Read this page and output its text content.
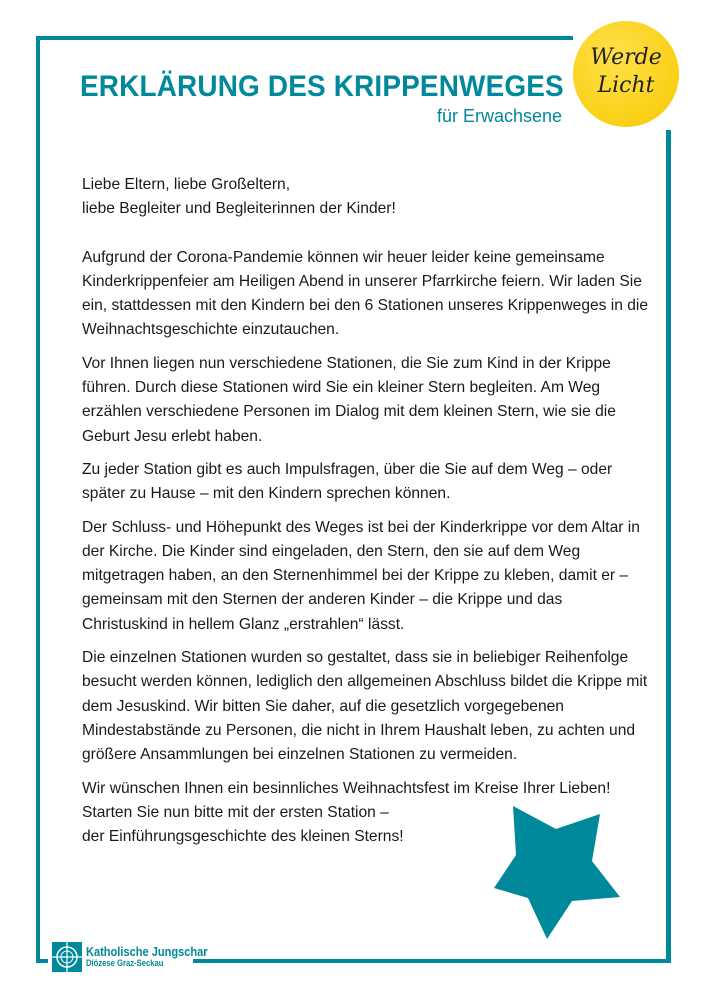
ERKLÄRUNG DES KRIPPENWEGES
für Erwachsene
Werde
Licht

Liebe Eltern, liebe Großeltern,
liebe Begleiter und Begleiterinnen der Kinder!

Aufgrund der Corona-Pandemie können wir heuer leider keine gemeinsame Kinderkrippenfeier am Heiligen Abend in unserer Pfarrkirche feiern. Wir laden Sie ein, stattdessen mit den Kindern bei den 6 Stationen unseres Krippenweges in die Weihnachtsgeschichte einzutauchen.

Vor Ihnen liegen nun verschiedene Stationen, die Sie zum Kind in der Krippe führen. Durch diese Stationen wird Sie ein kleiner Stern begleiten. Am Weg erzählen verschiedene Personen im Dialog mit dem kleinen Stern, wie sie die Geburt Jesu erlebt haben.

Zu jeder Station gibt es auch Impulsfragen, über die Sie auf dem Weg – oder später zu Hause – mit den Kindern sprechen können.

Der Schluss- und Höhepunkt des Weges ist bei der Kinderkrippe vor dem Altar in der Kirche. Die Kinder sind eingeladen, den Stern, den sie auf dem Weg mitgetragen haben, an den Sternenhimmel bei der Krippe zu kleben, damit er – gemeinsam mit den Sternen der anderen Kinder – die Krippe und das Christuskind in hellem Glanz „erstrahlen“ lässt.

Die einzelnen Stationen wurden so gestaltet, dass sie in beliebiger Reihenfolge besucht werden können, lediglich den allgemeinen Abschluss bildet die Krippe mit dem Jesuskind. Wir bitten Sie daher, auf die gesetzlich vorgegebenen Mindestabstände zu Personen, die nicht in Ihrem Haushalt leben, zu achten und größere Ansammlungen bei einzelnen Stationen zu vermeiden.

Wir wünschen Ihnen ein besinnliches Weihnachtsfest im Kreise Ihrer Lieben!
Starten Sie nun bitte mit der ersten Station –
der Einführungsgeschichte des kleinen Sterns!

Katholische Jungschar
Diözese Graz-Seckau
